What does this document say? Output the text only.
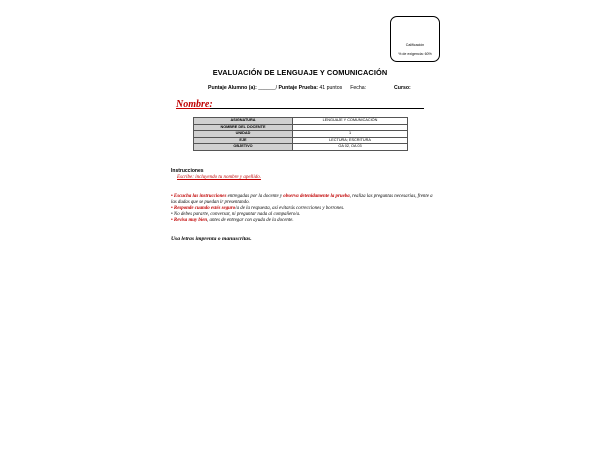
Calificación
% de exigencia: 60%
EVALUACIÓN DE LENGUAJE Y COMUNICACIÓN
Puntaje Alumno (a): ______/ Puntaje Prueba: 41 puntos Fecha:	Curso:
Nombre:
ASIGNATURA	LENGUAJE Y COMUNICACIÓN
NOMBRE DEL DOCENTE	
UNIDAD	1
EJE	LECTURA; ESCRITURA
OBJETIVO	OA 02, OA 03
Instrucciones
Escribe: incluyendo tu nombre y apellido.

• Escucha las instrucciones entregadas por la docente y observa detenidamente la prueba, realiza las preguntas necesarias, frente a las dudas que se puedan ir presentando.

• Responde cuando estés seguro/a de la respuesta, así evitarás correcciones y borrones.

• No debes pararte, conversar, ni preguntar nada al compañero/a.

• Revisa muy bien, antes de entregar con ayuda de la docente.

Usa letras imprenta o manuscritas.
